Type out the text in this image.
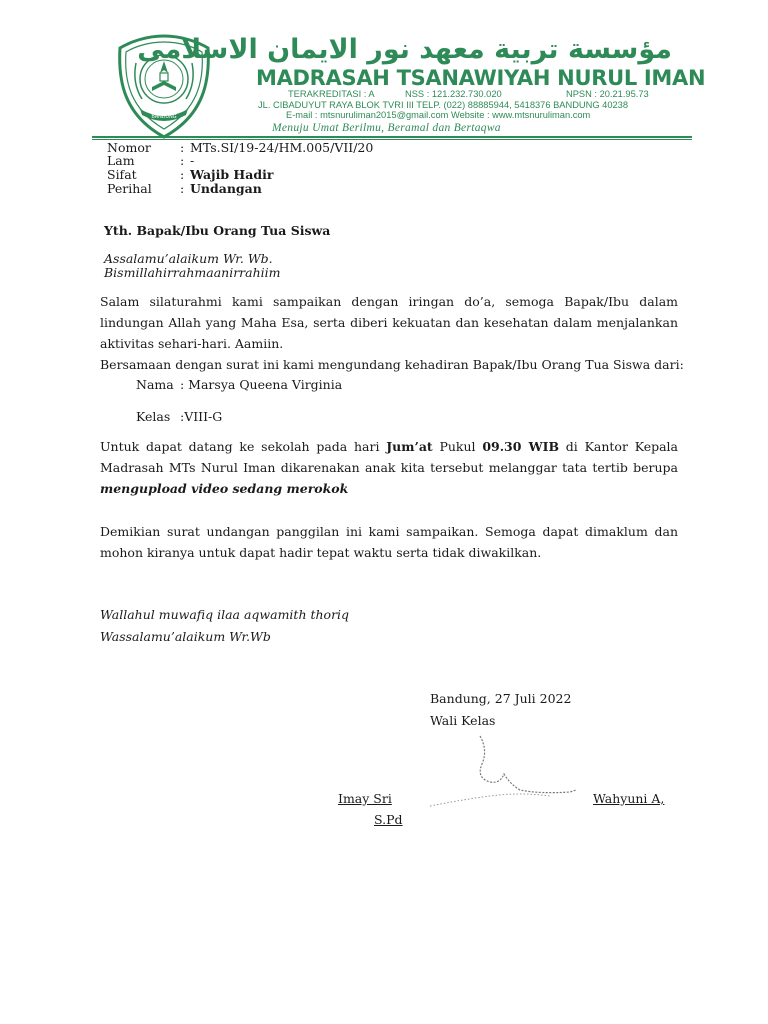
BANDUNG
مؤسسة تربية معهد نور الايمان الاسلامى
MADRASAH TSANAWIYAH NURUL IMAN
TERAKREDITASI : A	NSS : 121.232.730.020	NPSN : 20.21.95.73
JL. CIBADUYUT RAYA BLOK TVRI III TELP. (022) 88885944, 5418376 BANDUNG 40238
E-mail : mtsnuruliman2015@gmail.com Website : www.mtsnuruliman.com
Menuju Umat Berilmu, Beramal dan Bertaqwa
Nomor : MTs.SI/19-24/HM.005/VII/20
Lam	: -
Sifat	: Wajib Hadir
Perihal : Undangan
Yth. Bapak/Ibu Orang Tua Siswa
Assalamu’alaikum Wr. Wb.
Bismillahirrahmaanirrahiim
Salam silaturahmi kami sampaikan dengan iringan do’a, semoga Bapak/Ibu dalam lindungan Allah yang Maha Esa, serta diberi kekuatan dan kesehatan dalam menjalankan aktivitas sehari-hari. Aamiin.
Bersamaan dengan surat ini kami mengundang kehadiran Bapak/Ibu Orang Tua Siswa dari:
Nama : Marsya Queena Virginia
Kelas :VIII-G
Untuk dapat datang ke sekolah pada hari Jum’at Pukul 09.30 WIB di Kantor Kepala Madrasah MTs Nurul Iman dikarenakan anak kita tersebut melanggar tata tertib berupa mengupload video sedang merokok
Demikian surat undangan panggilan ini kami sampaikan. Semoga dapat dimaklum dan mohon kiranya untuk dapat hadir tepat waktu serta tidak diwakilkan.
Wallahul muwafiq ilaa aqwamith thoriq
Wassalamu’alaikum Wr.Wb
Bandung, 27 Juli 2022
Wali Kelas
Imay Sri	Wahyuni A,
S.Pd
